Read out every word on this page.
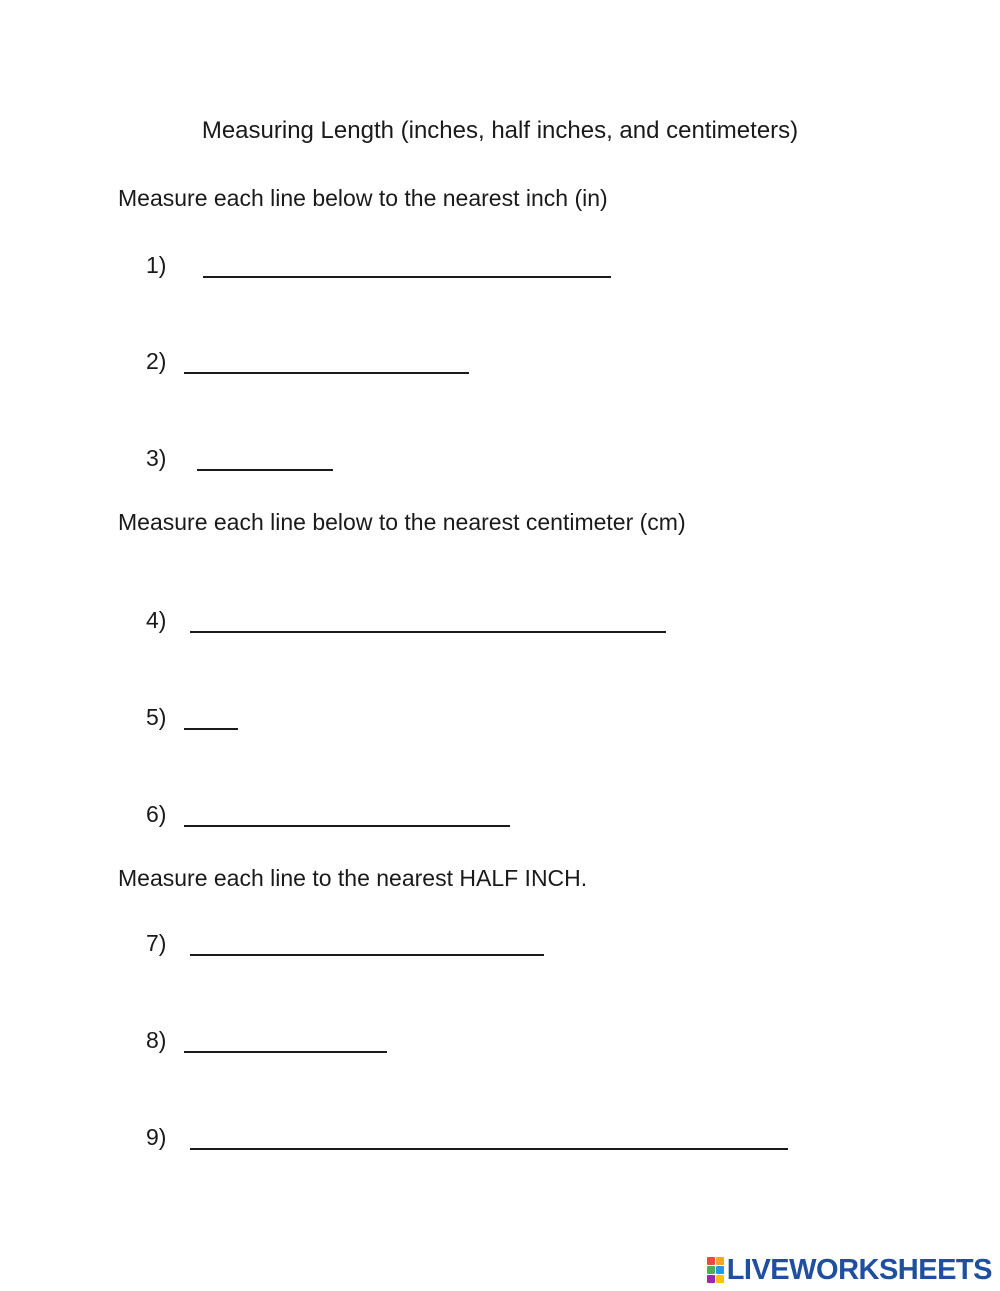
Measuring Length (inches, half inches, and centimeters)
Measure each line below to the nearest inch (in)
1)
2)
3)
Measure each line below to the nearest centimeter (cm)
4)
5)
6)
Measure each line to the nearest HALF INCH.
7)
8)
9)
LIVEWORKSHEETS
